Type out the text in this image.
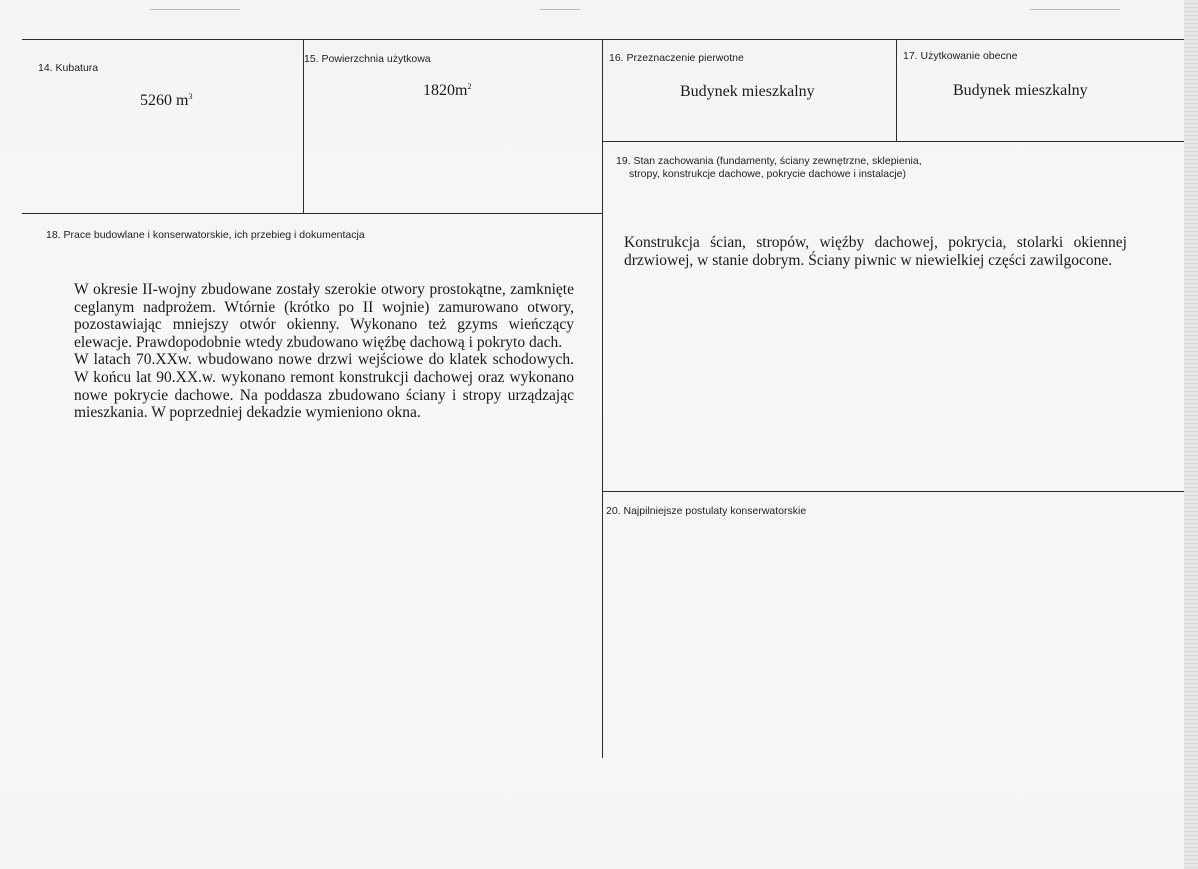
14. Kubatura
5260 $m^3$
15. Powierzchnia użytkowa
$1820m^2$
16. Przeznaczenie pierwotne
Budynek mieszkalny
17. Użytkowanie obecne
Budynek mieszkalny
19. Stan zachowania (fundamenty, ściany zewnętrzne, sklepienia,
stropy, konstrukcje dachowe, pokrycie dachowe i instalacje)

Konstrukcja ścian, stropów, więźby dachowej, pokrycia, stolarki okiennej drzwiowej, w stanie dobrym. Ściany piwnic w niewielkiej części zawilgocone.

18. Prace budowlane i konserwatorskie, ich przebieg i dokumentacja

W okresie II-wojny zbudowane zostały szerokie otwory prostokątne, zamknięte ceglanym nadprożem. Wtórnie (krótko po II wojnie) zamurowano otwory, pozostawiając mniejszy otwór okienny. Wykonano też gzyms wieńczący elewacje. Prawdopodobnie wtedy zbudowano więźbę dachową i pokryto dach.

W latach 70.XXw. wbudowano nowe drzwi wejściowe do klatek schodowych. W końcu lat 90.XX.w. wykonano remont konstrukcji dachowej oraz wykonano nowe pokrycie dachowe. Na poddasza zbudowano ściany i stropy urządzając mieszkania. W poprzedniej dekadzie wymieniono okna.

20. Najpilniejsze postulaty konserwatorskie
